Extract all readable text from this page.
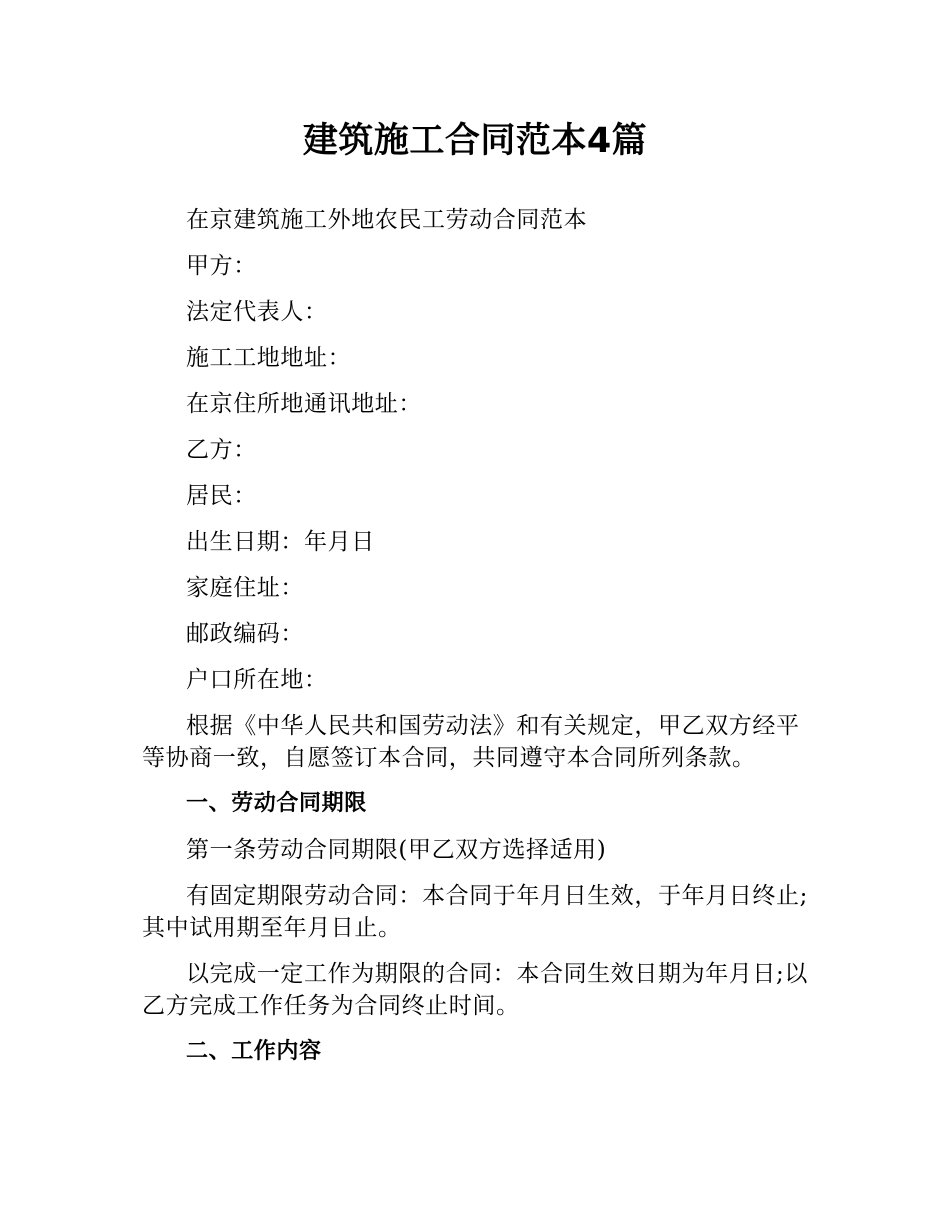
建筑施工合同范本4篇

在京建筑施工外地农民工劳动合同范本

甲方：

法定代表人：

施工工地地址：

在京住所地通讯地址：

乙方：

居民：

出生日期：年月日

家庭住址：

邮政编码：

户口所在地：

根据《中华人民共和国劳动法》和有关规定，甲乙双方经平等协商一致，自愿签订本合同，共同遵守本合同所列条款。

一、劳动合同期限

第一条劳动合同期限(甲乙双方选择适用)

有固定期限劳动合同：本合同于年月日生效，于年月日终止;其中试用期至年月日止。

以完成一定工作为期限的合同：本合同生效日期为年月日;以乙方完成工作任务为合同终止时间。

二、工作内容
